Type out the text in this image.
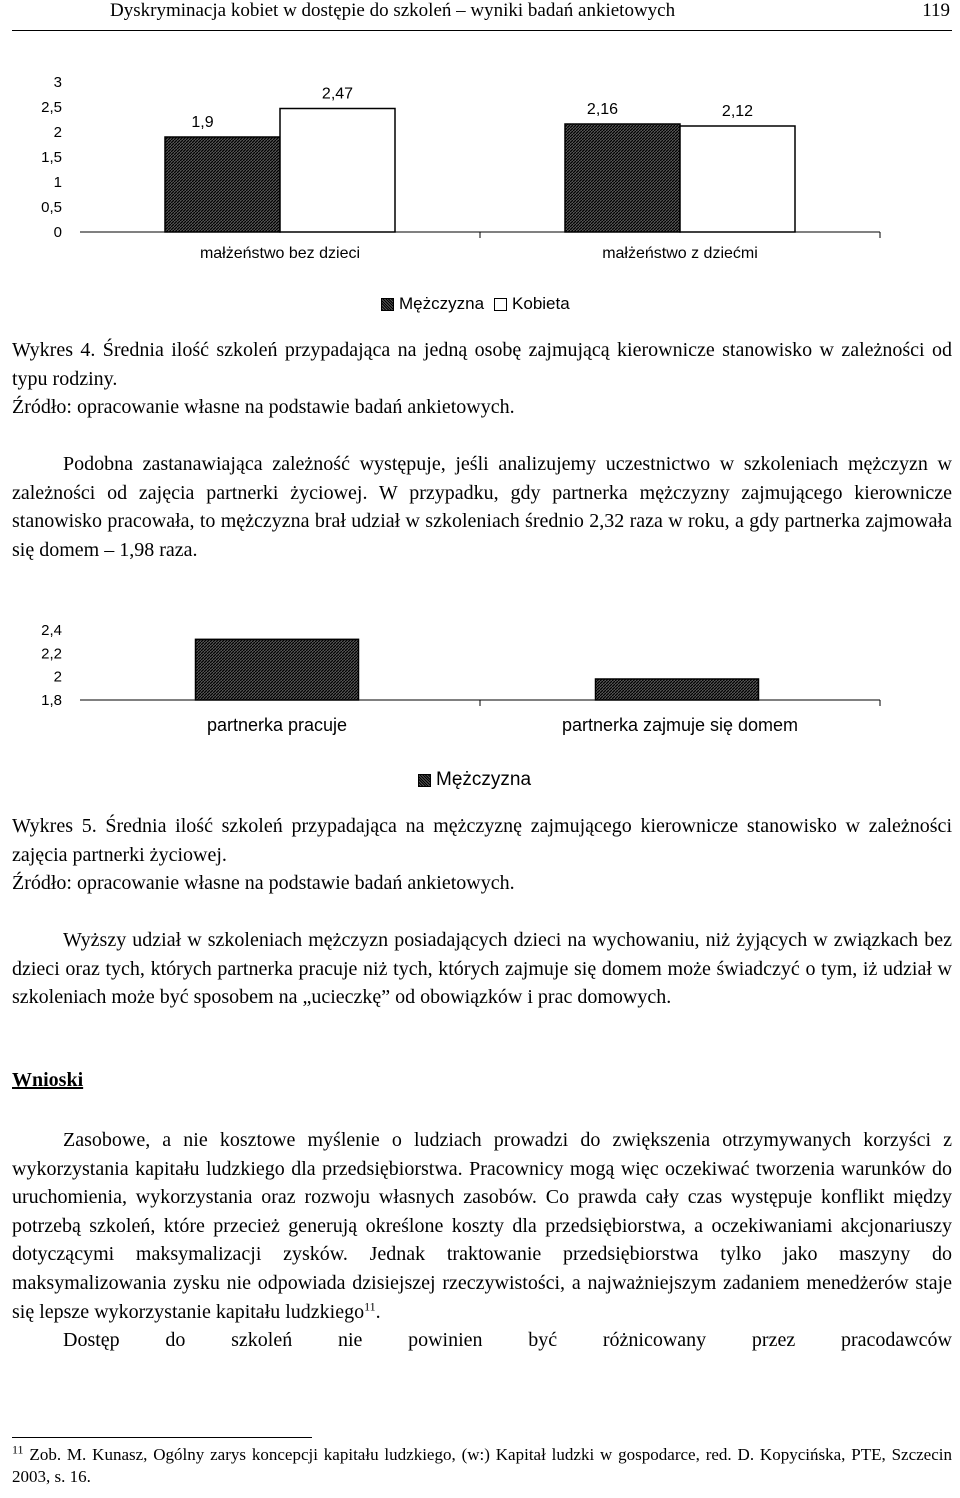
Dyskryminacja kobiet w dostępie do szkoleń – wyniki badań ankietowych	119
3
2,5
2
1,5
1
0,5
0
małżeństwo bez dzieci
1,9
2,47
małżeństwo z dziećmi
2,16	2,12
Mężczyzna Kobieta

Wykres 4. Średnia ilość szkoleń przypadająca na jedną osobę zajmującą kierownicze stanowisko w zależności od typu rodziny.

Źródło: opracowanie własne na podstawie badań ankietowych.

Podobna zastanawiająca zależność występuje, jeśli analizujemy uczestnictwo w szkoleniach mężczyzn w zależności od zajęcia partnerki życiowej. W przypadku, gdy partnerka mężczyzny zajmującego kierownicze stanowisko pracowała, to mężczyzna brał udział w szkoleniach średnio 2,32 raza w roku, a gdy partnerka zajmowała się domem – 1,98 raza.

2,4
2,2
2
1,8
partnerka pracuje	partnerka zajmuje się domem
Mężczyzna

Wykres 5. Średnia ilość szkoleń przypadająca na mężczyznę zajmującego kierownicze stanowisko w zależności zajęcia partnerki życiowej.

Źródło: opracowanie własne na podstawie badań ankietowych.

Wyższy udział w szkoleniach mężczyzn posiadających dzieci na wychowaniu, niż żyjących w związkach bez dzieci oraz tych, których partnerka pracuje niż tych, których zajmuje się domem może świadczyć o tym, iż udział w szkoleniach może być sposobem na „ucieczkę” od obowiązków i prac domowych.

Wnioski

Zasobowe, a nie kosztowe myślenie o ludziach prowadzi do zwiększenia otrzymywanych korzyści z wykorzystania kapitału ludzkiego dla przedsiębiorstwa. Pracownicy mogą więc oczekiwać tworzenia warunków do uruchomienia, wykorzystania oraz rozwoju własnych zasobów. Co prawda cały czas występuje konflikt między potrzebą szkoleń, które przecież generują określone koszty dla przedsiębiorstwa, a oczekiwaniami akcjonariuszy dotyczącymi maksymalizacji zysków. Jednak traktowanie przedsiębiorstwa tylko jako maszyny do maksymalizowania zysku nie odpowiada dzisiejszej rzeczywistości, a najważniejszym zadaniem menedżerów staje się lepsze wykorzystanie kapitału ludzkiego$^{11}$.

Dostęp do szkoleń nie powinien być różnicowany przez pracodawców

$^{11}$ Zob. M. Kunasz, Ogólny zarys koncepcji kapitału ludzkiego, (w:) Kapitał ludzki w gospodarce, red. D. Kopycińska, PTE, Szczecin 2003, s. 16.
